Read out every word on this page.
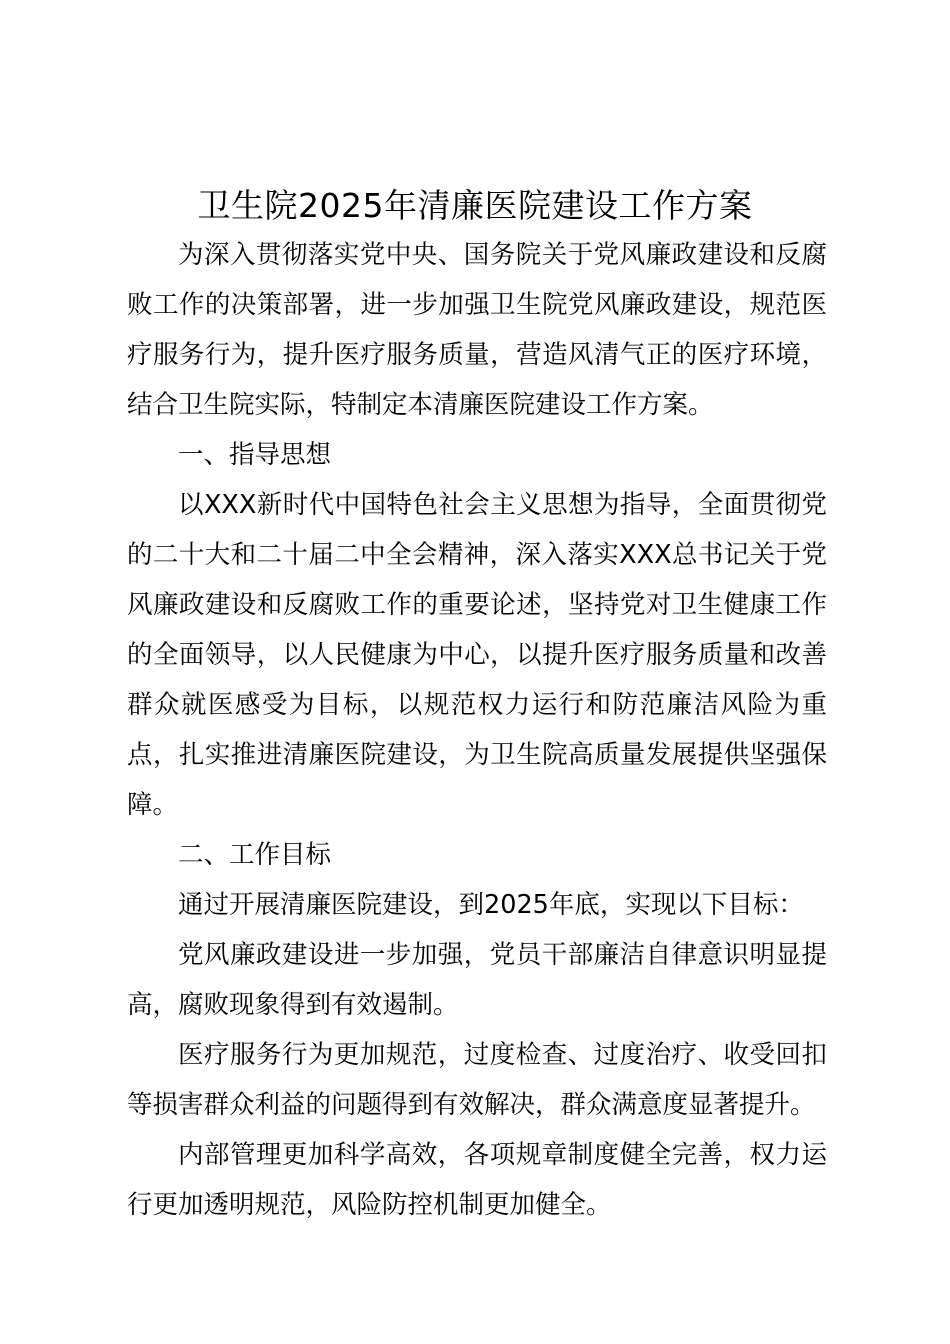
卫生院2025年清廉医院建设工作方案

为深入贯彻落实党中央、国务院关于党风廉政建设和反腐败工作的决策部署，进一步加强卫生院党风廉政建设，规范医疗服务行为，提升医疗服务质量，营造风清气正的医疗环境，结合卫生院实际，特制定本清廉医院建设工作方案。

一、指导思想

以XXX新时代中国特色社会主义思想为指导，全面贯彻党的二十大和二十届二中全会精神，深入落实XXX总书记关于党风廉政建设和反腐败工作的重要论述，坚持党对卫生健康工作的全面领导，以人民健康为中心，以提升医疗服务质量和改善群众就医感受为目标，以规范权力运行和防范廉洁风险为重点，扎实推进清廉医院建设，为卫生院高质量发展提供坚强保障。

二、工作目标

通过开展清廉医院建设，到2025年底，实现以下目标：

党风廉政建设进一步加强，党员干部廉洁自律意识明显提高，腐败现象得到有效遏制。

医疗服务行为更加规范，过度检查、过度治疗、收受回扣等损害群众利益的问题得到有效解决，群众满意度显著提升。

内部管理更加科学高效，各项规章制度健全完善，权力运行更加透明规范，风险防控机制更加健全。
